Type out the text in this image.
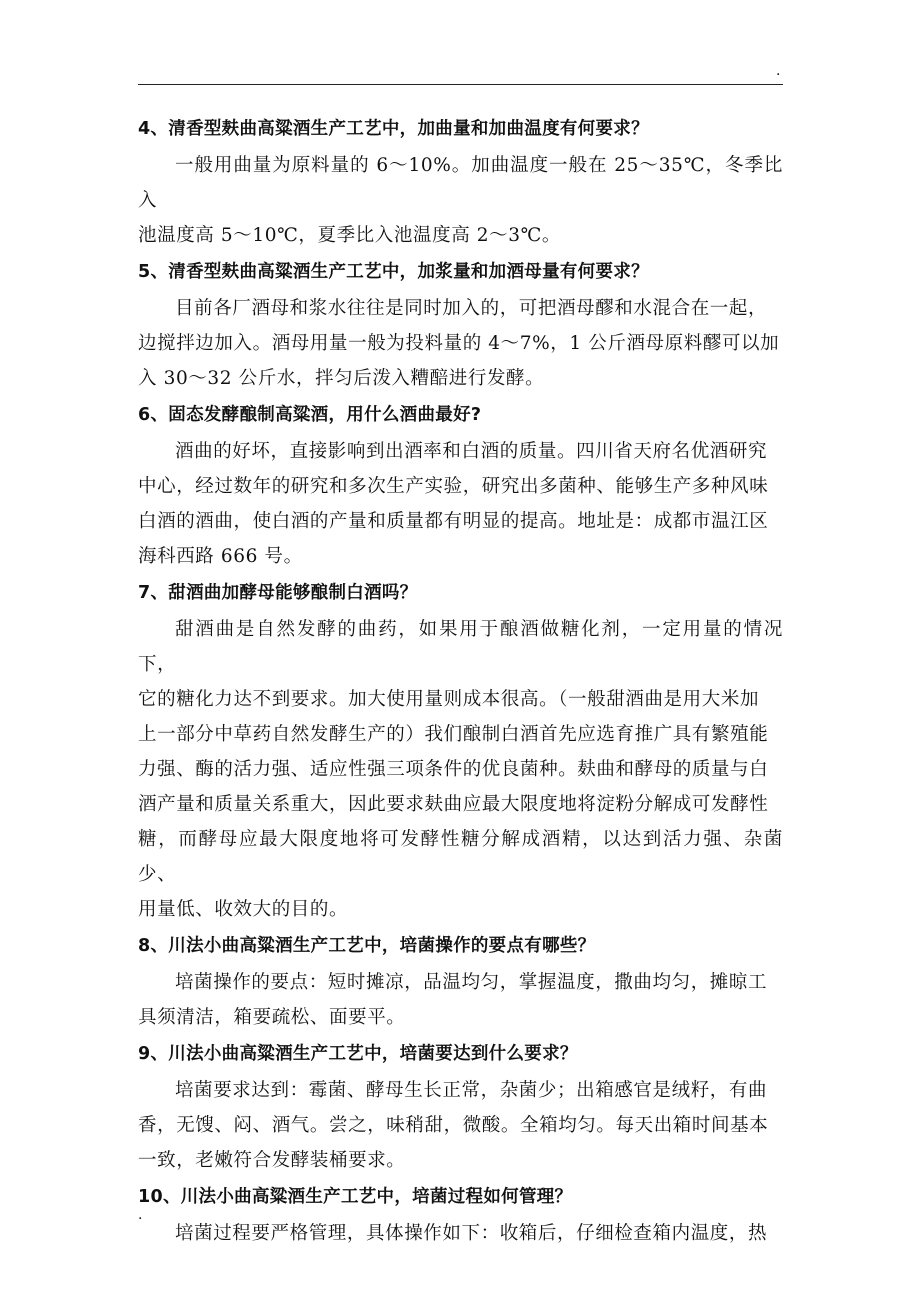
.

4、清香型麸曲高粱酒生产工艺中，加曲量和加曲温度有何要求？

一般用曲量为原料量的 6～10%。加曲温度一般在 25～35℃，冬季比入
池温度高 5～10℃，夏季比入池温度高 2～3℃。

5、清香型麸曲高粱酒生产工艺中，加浆量和加酒母量有何要求？

目前各厂酒母和浆水往往是同时加入的，可把酒母醪和水混合在一起，
边搅拌边加入。酒母用量一般为投料量的 4～7%，1 公斤酒母原料醪可以加
入 30～32 公斤水，拌匀后泼入糟醅进行发酵。

6、固态发酵酿制高粱酒，用什么酒曲最好?

酒曲的好坏，直接影响到出酒率和白酒的质量。四川省天府名优酒研究
中心，经过数年的研究和多次生产实验，研究出多菌种、能够生产多种风味
白酒的酒曲，使白酒的产量和质量都有明显的提高。地址是：成都市温江区
海科西路 666 号。

7、甜酒曲加酵母能够酿制白酒吗？

甜酒曲是自然发酵的曲药，如果用于酿酒做糖化剂，一定用量的情况下，
它的糖化力达不到要求。加大使用量则成本很高。（一般甜酒曲是用大米加
上一部分中草药自然发酵生产的）我们酿制白酒首先应选育推广具有繁殖能
力强、酶的活力强、适应性强三项条件的优良菌种。麸曲和酵母的质量与白
酒产量和质量关系重大，因此要求麸曲应最大限度地将淀粉分解成可发酵性
糖，而酵母应最大限度地将可发酵性糖分解成酒精，以达到活力强、杂菌少、
用量低、收效大的目的。

8、川法小曲高粱酒生产工艺中，培菌操作的要点有哪些？

培菌操作的要点：短时摊凉，品温均匀，掌握温度，撒曲均匀，摊晾工
具须清洁，箱要疏松、面要平。

9、川法小曲高粱酒生产工艺中，培菌要达到什么要求？

培菌要求达到：霉菌、酵母生长正常，杂菌少；出箱感官是绒籽，有曲
香，无馊、闷、酒气。尝之，味稍甜，微酸。全箱均匀。每天出箱时间基本
一致，老嫩符合发酵装桶要求。

10、川法小曲高粱酒生产工艺中，培菌过程如何管理？

培菌过程要严格管理，具体操作如下：收箱后，仔细检查箱内温度，热

.
